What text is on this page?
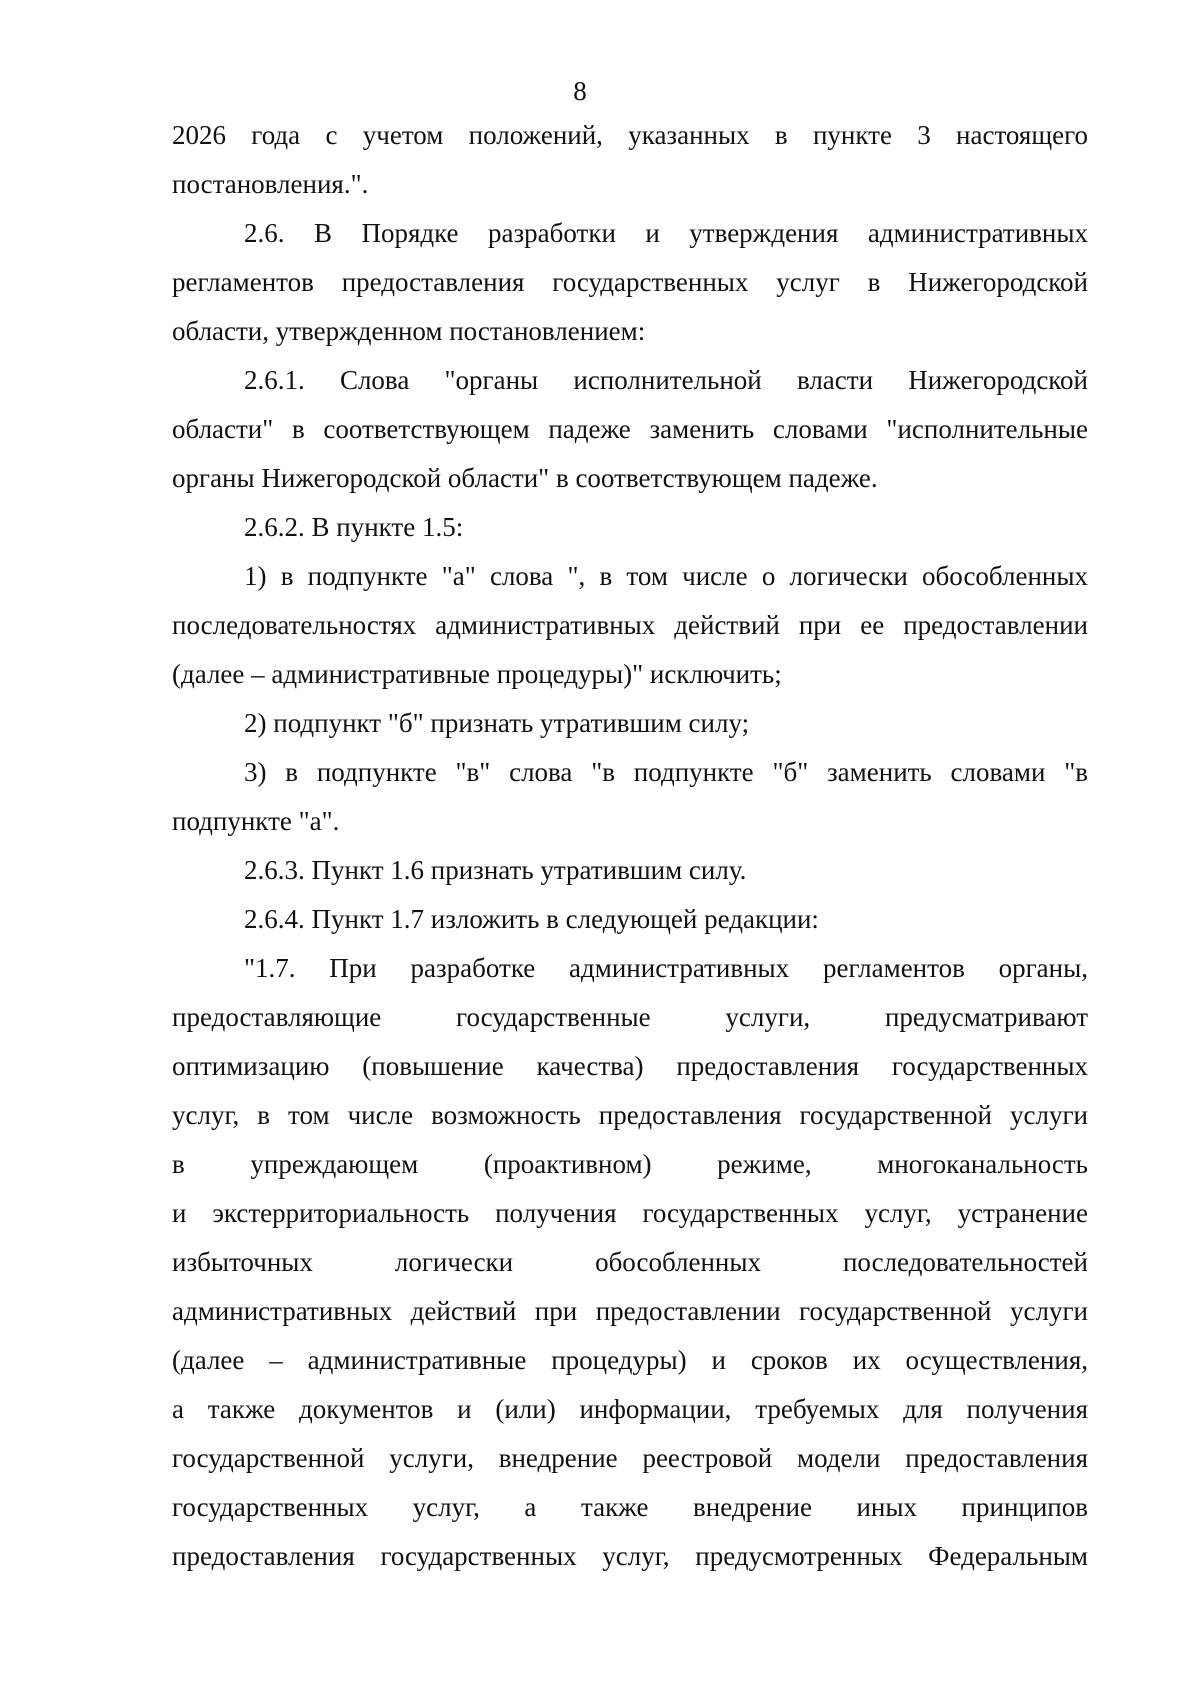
8
2026 года с учетом положений, указанных в пункте 3 настоящего
постановления.".
2.6. В Порядке разработки и утверждения административных
регламентов предоставления государственных услуг в Нижегородской
области, утвержденном постановлением:
2.6.1. Слова "органы исполнительной власти Нижегородской
области" в соответствующем падеже заменить словами "исполнительные
органы Нижегородской области" в соответствующем падеже.
2.6.2. В пункте 1.5:
1) в подпункте "а" слова ", в том числе о логически обособленных
последовательностях административных действий при ее предоставлении
(далее – административные процедуры)" исключить;
2) подпункт "б" признать утратившим силу;
3) в подпункте "в" слова "в подпункте "б" заменить словами "в
подпункте "а".
2.6.3. Пункт 1.6 признать утратившим силу.
2.6.4. Пункт 1.7 изложить в следующей редакции:
"1.7. При разработке административных регламентов органы,
предоставляющие государственные услуги, предусматривают
оптимизацию (повышение качества) предоставления государственных
услуг, в том числе возможность предоставления государственной услуги
в упреждающем (проактивном) режиме, многоканальность
и экстерриториальность получения государственных услуг, устранение
избыточных логически обособленных последовательностей
административных действий при предоставлении государственной услуги
(далее – административные процедуры) и сроков их осуществления,
а также документов и (или) информации, требуемых для получения
государственной услуги, внедрение реестровой модели предоставления
государственных услуг, а также внедрение иных принципов
предоставления государственных услуг, предусмотренных Федеральным
